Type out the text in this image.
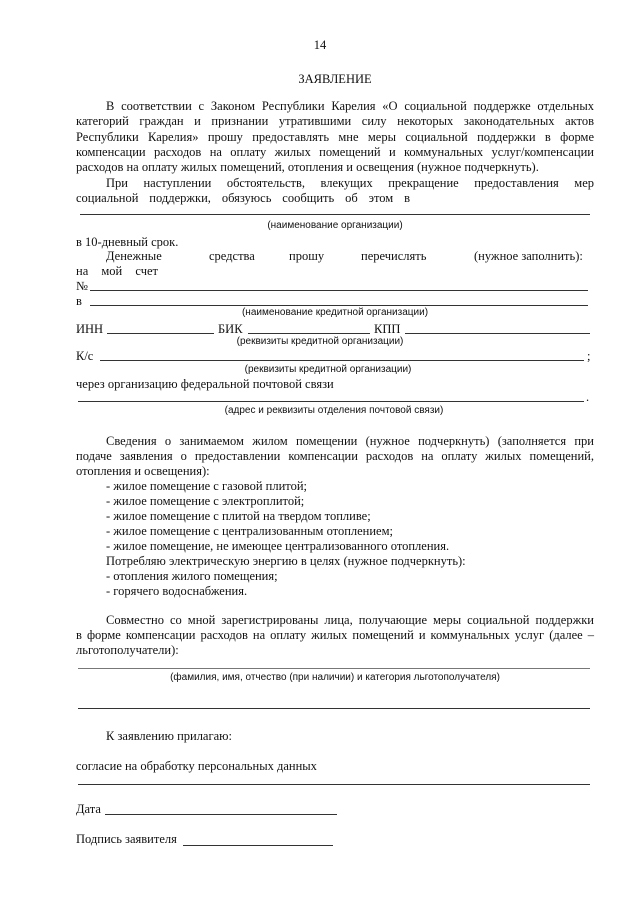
14
ЗАЯВЛЕНИЕ
В соответствии с Законом Республики Карелия «О социальной поддержке отдельных
категорий граждан и признании утратившими силу некоторых законодательных актов
Республики Карелия» прошу предоставлять мне меры социальной поддержки в форме
компенсации расходов на оплату жилых помещений и коммунальных услуг/компенсации
расходов на оплату жилых помещений, отопления и освещения (нужное подчеркнуть).
При наступлении обстоятельств, влекущих прекращение предоставления мер
социальной поддержки, обязуюсь сообщить об этом в
(наименование организации)
в 10-дневный срок.
Денежные	средства	прошу	перечислять	(нужное заполнить):
на мой счет
№
в
(наименование кредитной организации)
ИНН	БИК	КПП
(реквизиты кредитной организации)
К/с	;
(реквизиты кредитной организации)
через организацию федеральной почтовой связи
.
(адрес и реквизиты отделения почтовой связи)
Сведения о занимаемом жилом помещении (нужное подчеркнуть) (заполняется при
подаче заявления о предоставлении компенсации расходов на оплату жилых помещений,
отопления и освещения):
- жилое помещение с газовой плитой;
- жилое помещение с электроплитой;
- жилое помещение с плитой на твердом топливе;
- жилое помещение с централизованным отоплением;
- жилое помещение, не имеющее централизованного отопления.
Потребляю электрическую энергию в целях (нужное подчеркнуть):
- отопления жилого помещения;
- горячего водоснабжения.
Совместно со мной зарегистрированы лица, получающие меры социальной поддержки
в форме компенсации расходов на оплату жилых помещений и коммунальных услуг (далее –
льготополучатели):
(фамилия, имя, отчество (при наличии) и категория льготополучателя)
К заявлению прилагаю:
согласие на обработку персональных данных
Дата
Подпись заявителя
